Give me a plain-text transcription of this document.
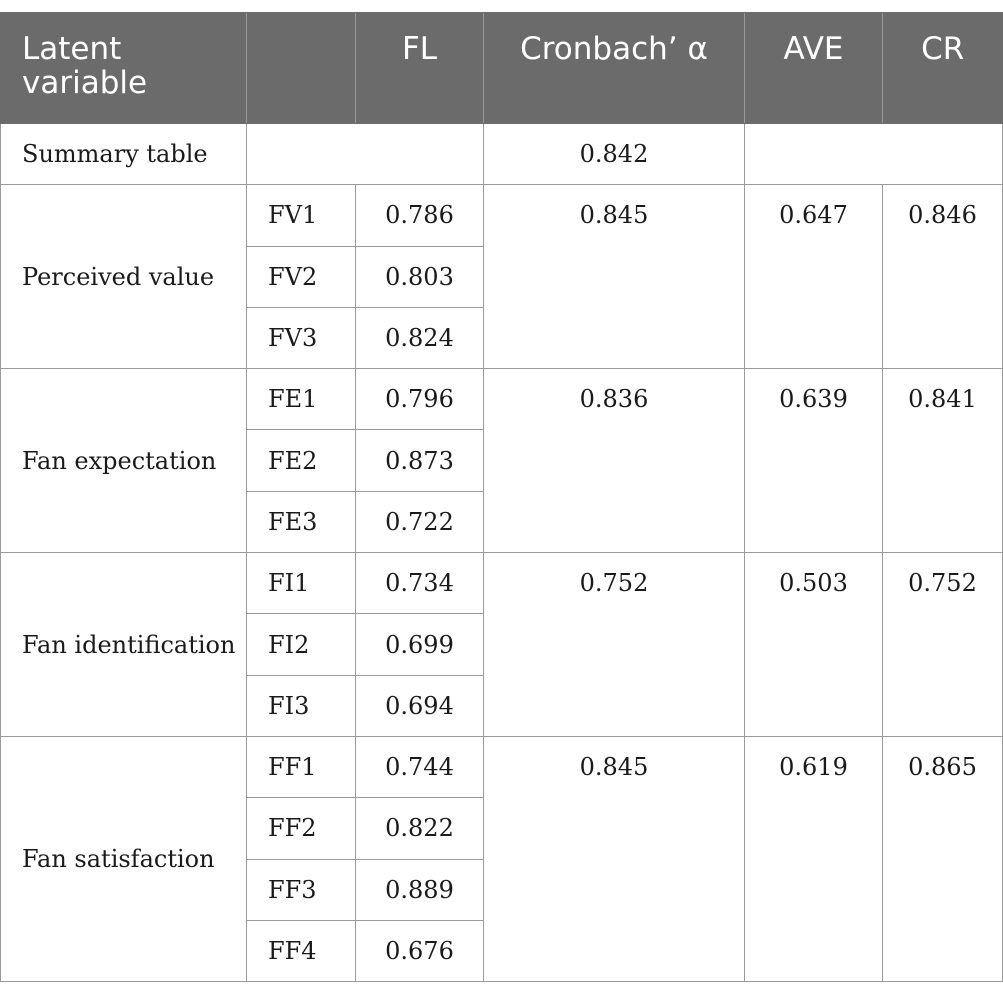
Latent variable		FL	Cronbach’ α	AVE	CR
Summary table			0.842		
Perceived value	FV1	0.786	0.845	0.647	0.846
	FV2	0.803			
	FV3	0.824			
Fan expectation	FE1	0.796	0.836	0.639	0.841
	FE2	0.873			
	FE3	0.722			
Fan identification	FI1	0.734	0.752	0.503	0.752
	FI2	0.699			
	FI3	0.694			
Fan satisfaction	FF1	0.744	0.845	0.619	0.865
	FF2	0.822			
	FF3	0.889			
	FF4	0.676			
